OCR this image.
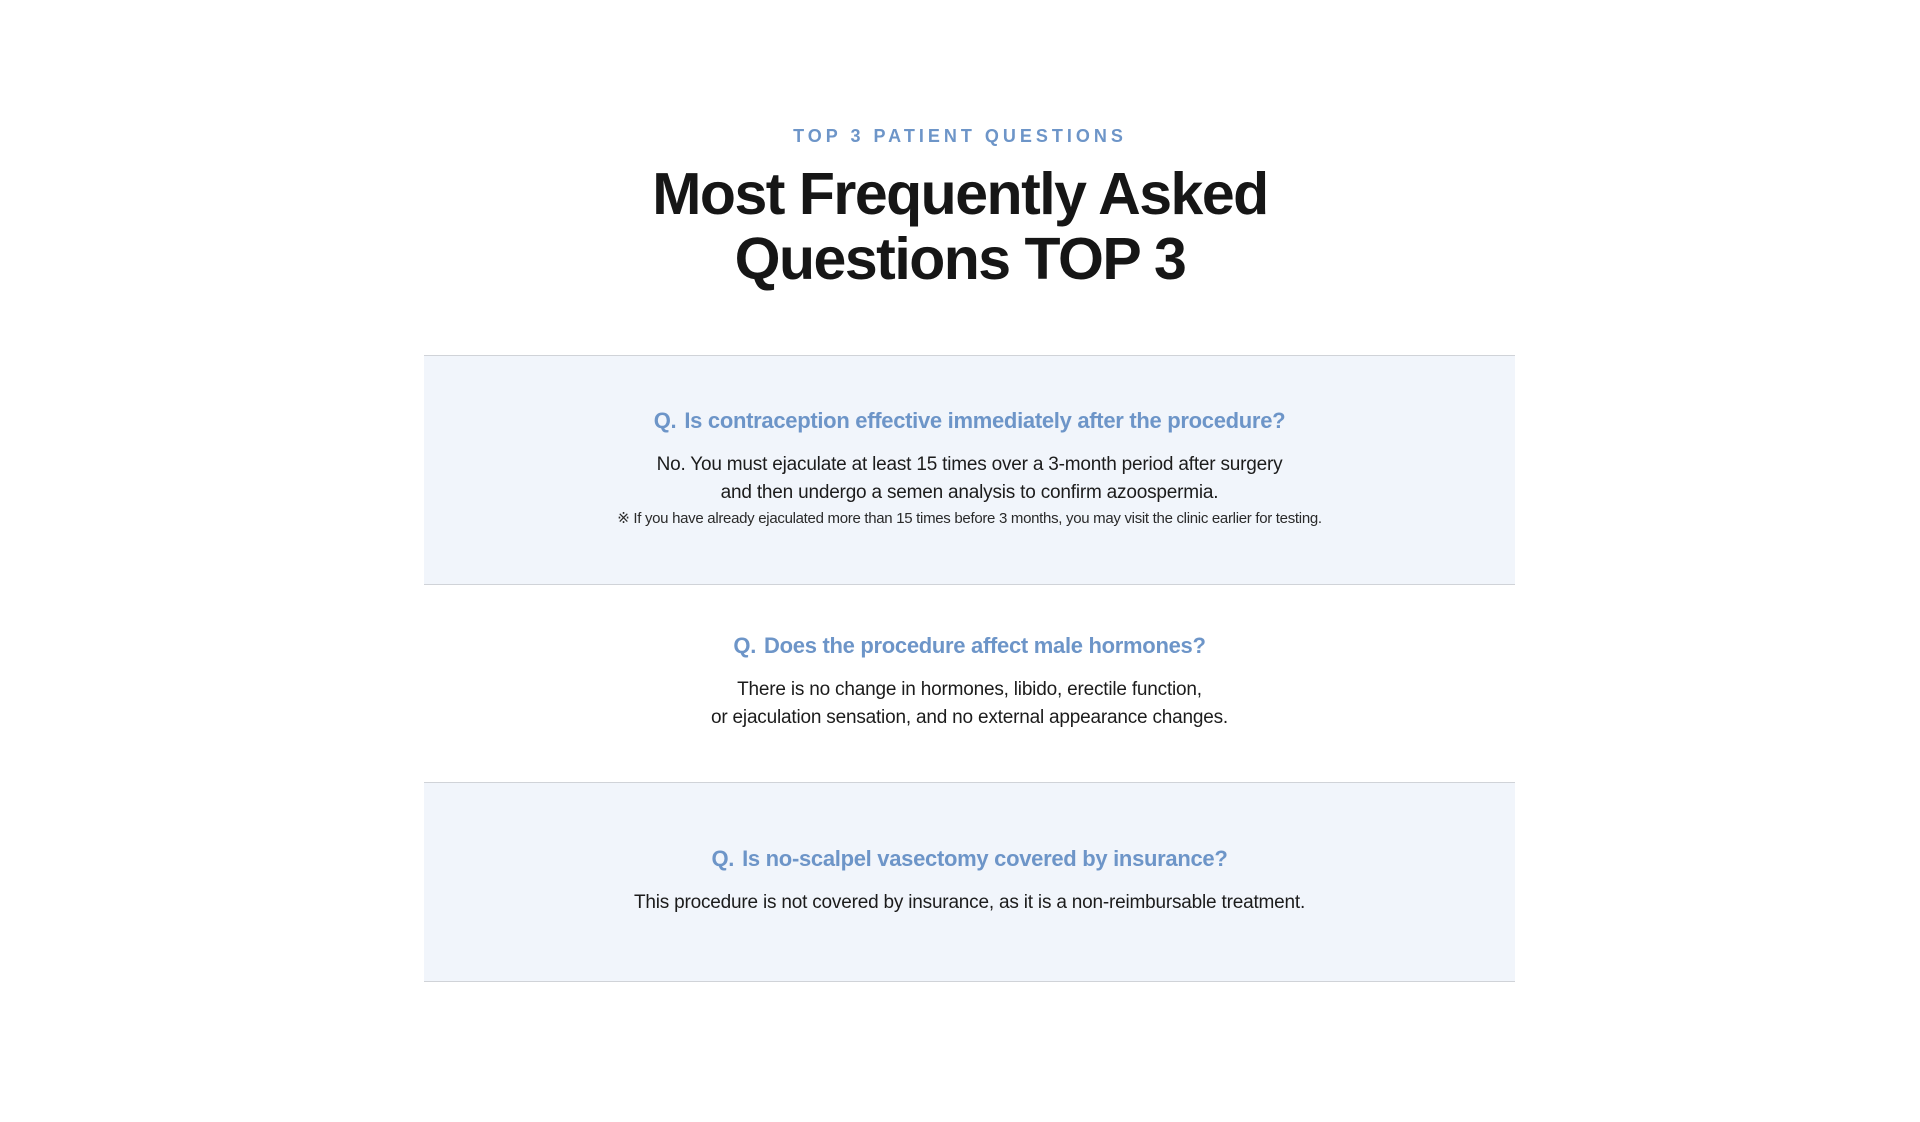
TOP 3 PATIENT QUESTIONS
Most Frequently Asked
Questions TOP 3
Q. Is contraception effective immediately after the procedure?
No. You must ejaculate at least 15 times over a 3-month period after surgery
and then undergo a semen analysis to confirm azoospermia.
※ If you have already ejaculated more than 15 times before 3 months, you may visit the clinic earlier for testing.
Q. Does the procedure affect male hormones?
There is no change in hormones, libido, erectile function,
or ejaculation sensation, and no external appearance changes.
Q. Is no-scalpel vasectomy covered by insurance?
This procedure is not covered by insurance, as it is a non-reimbursable treatment.
